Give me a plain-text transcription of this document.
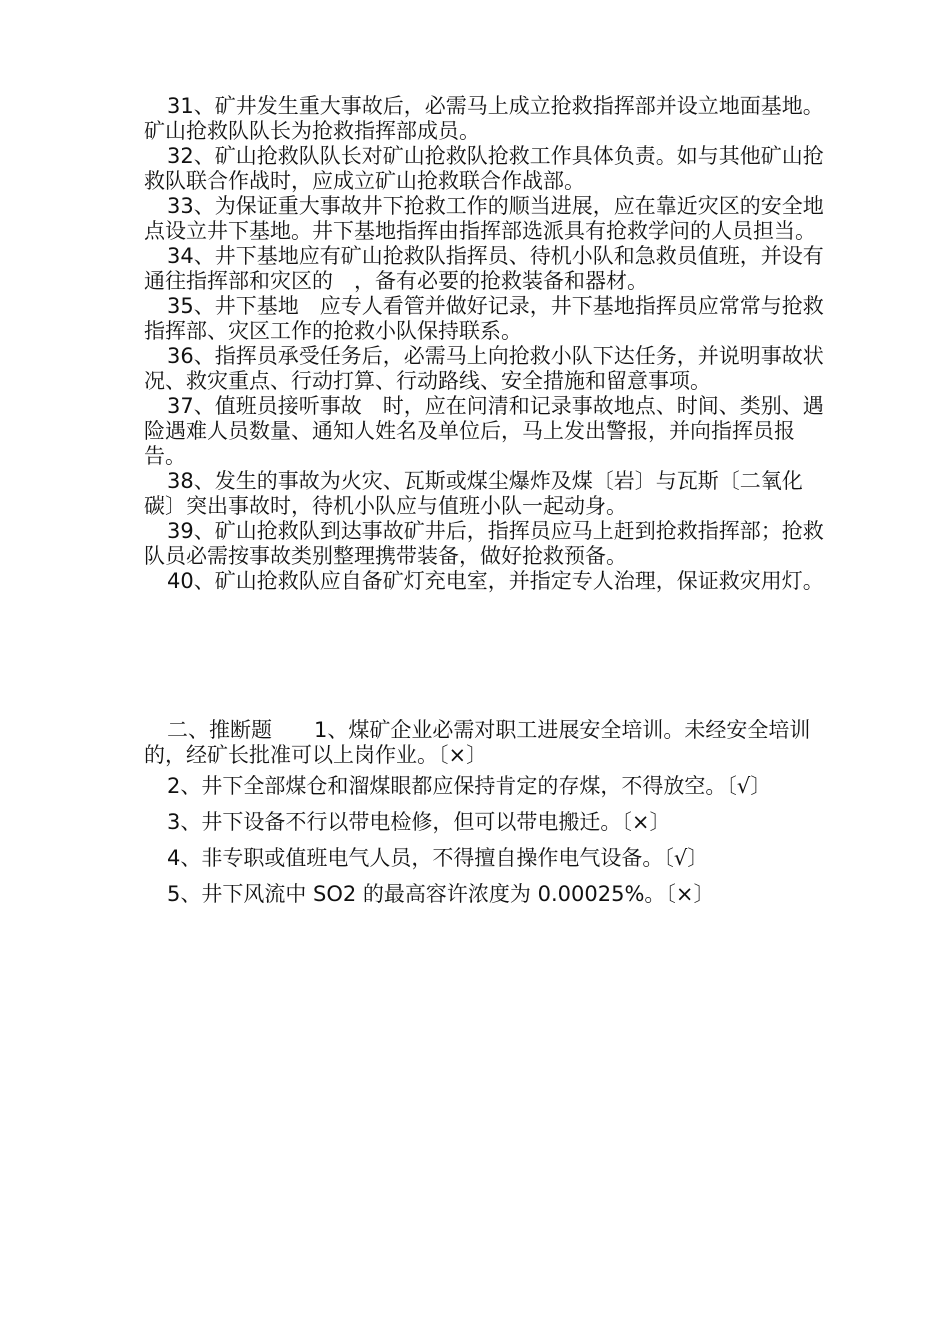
31、矿井发生重大事故后，必需马上成立抢救指挥部并设立地面基地。矿山抢救队队长为抢救指挥部成员。

32、矿山抢救队队长对矿山抢救队抢救工作具体负责。如与其他矿山抢救队联合作战时，应成立矿山抢救联合作战部。

33、为保证重大事故井下抢救工作的顺当进展，应在靠近灾区的安全地点设立井下基地。井下基地指挥由指挥部选派具有抢救学问的人员担当。

34、井下基地应有矿山抢救队指挥员、待机小队和急救员值班，并设有通往指挥部和灾区的　，备有必要的抢救装备和器材。

35、井下基地　应专人看管并做好记录，井下基地指挥员应常常与抢救指挥部、灾区工作的抢救小队保持联系。

36、指挥员承受任务后，必需马上向抢救小队下达任务，并说明事故状况、救灾重点、行动打算、行动路线、安全措施和留意事项。

37、值班员接听事故　时，应在问清和记录事故地点、时间、类别、遇险遇难人员数量、通知人姓名及单位后，马上发出警报，并向指挥员报告。

38、发生的事故为火灾、瓦斯或煤尘爆炸及煤〔岩〕与瓦斯〔二氧化碳〕突出事故时，待机小队应与值班小队一起动身。

39、矿山抢救队到达事故矿井后，指挥员应马上赶到抢救指挥部；抢救队员必需按事故类别整理携带装备，做好抢救预备。

40、矿山抢救队应自备矿灯充电室，并指定专人治理，保证救灾用灯。

二、推断题 1、煤矿企业必需对职工进展安全培训。未经安全培训的，经矿长批准可以上岗作业。〔×〕

2、井下全部煤仓和溜煤眼都应保持肯定的存煤，不得放空。〔√〕

3、井下设备不行以带电检修，但可以带电搬迁。〔×〕

4、非专职或值班电气人员，不得擅自操作电气设备。〔√〕

5、井下风流中 SO2 的最高容许浓度为 0.00025%。〔×〕
